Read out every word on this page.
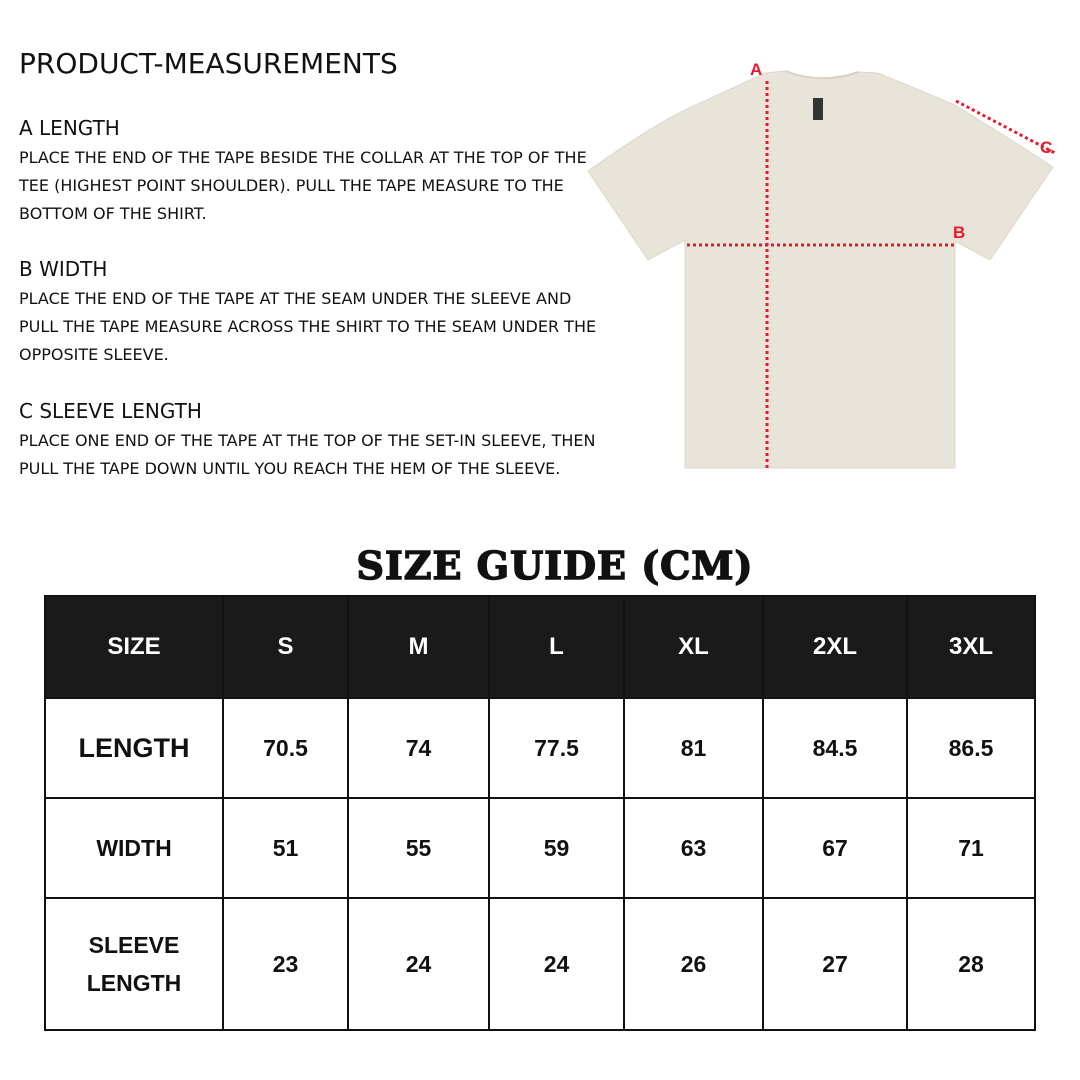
PRODUCT-MEASUREMENTS
A LENGTH

PLACE THE END OF THE TAPE BESIDE THE COLLAR AT THE TOP OF THE TEE (HIGHEST POINT SHOULDER). PULL THE TAPE MEASURE TO THE BOTTOM OF THE SHIRT.

B WIDTH

PLACE THE END OF THE TAPE AT THE SEAM UNDER THE SLEEVE AND PULL THE TAPE MEASURE ACROSS THE SHIRT TO THE SEAM UNDER THE OPPOSITE SLEEVE.

C SLEEVE LENGTH

PLACE ONE END OF THE TAPE AT THE TOP OF THE SET-IN SLEEVE, THEN PULL THE TAPE DOWN UNTIL YOU REACH THE HEM OF THE SLEEVE.

A
B
C
SIZE GUIDE (CM)
SIZE	S	M	L	XL	2XL	3XL
LENGTH	70.5	74	77.5	81	84.5	86.5
WIDTH	51	55	59	63	67	71

SLEEVE
LENGTH	23	24	24	26	27	28
